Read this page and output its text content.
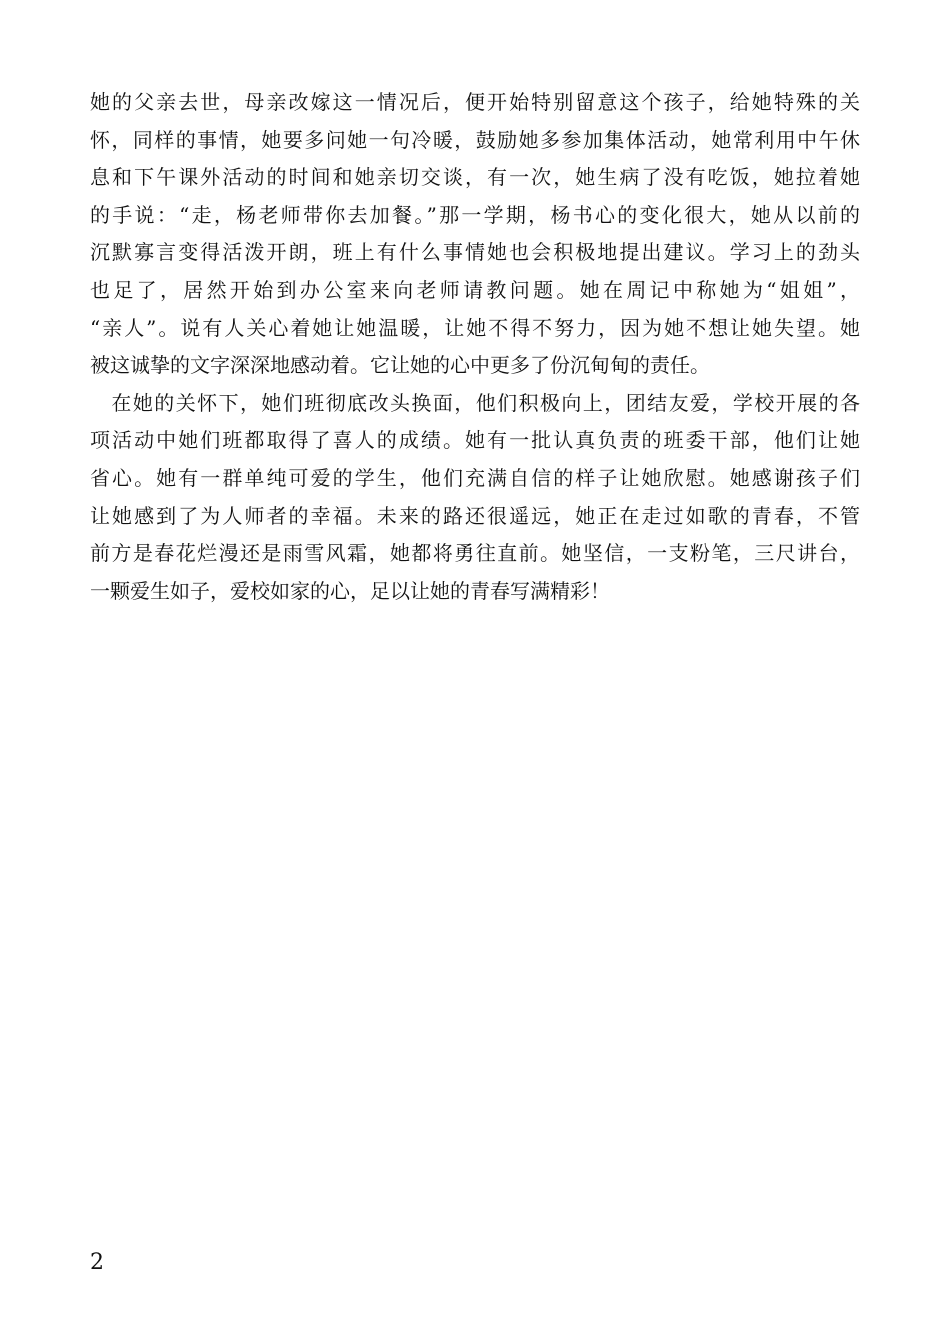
她的父亲去世，母亲改嫁这一情况后，便开始特别留意这个孩子，给她特殊的关
怀，同样的事情，她要多问她一句冷暖，鼓励她多参加集体活动，她常利用中午休
息和下午课外活动的时间和她亲切交谈，有一次，她生病了没有吃饭，她拉着她
的手说：“走，杨老师带你去加餐。”那一学期，杨书心的变化很大，她从以前的
沉默寡言变得活泼开朗，班上有什么事情她也会积极地提出建议。学习上的劲头
也足了，居然开始到办公室来向老师请教问题。她在周记中称她为“姐姐”，
“亲人”。说有人关心着她让她温暖，让她不得不努力，因为她不想让她失望。她
被这诚挚的文字深深地感动着。它让她的心中更多了份沉甸甸的责任。
　在她的关怀下，她们班彻底改头换面，他们积极向上，团结友爱，学校开展的各
项活动中她们班都取得了喜人的成绩。她有一批认真负责的班委干部，他们让她
省心。她有一群单纯可爱的学生，他们充满自信的样子让她欣慰。她感谢孩子们
让她感到了为人师者的幸福。未来的路还很遥远，她正在走过如歌的青春，不管
前方是春花烂漫还是雨雪风霜，她都将勇往直前。她坚信，一支粉笔，三尺讲台，
一颗爱生如子，爱校如家的心，足以让她的青春写满精彩！
2
